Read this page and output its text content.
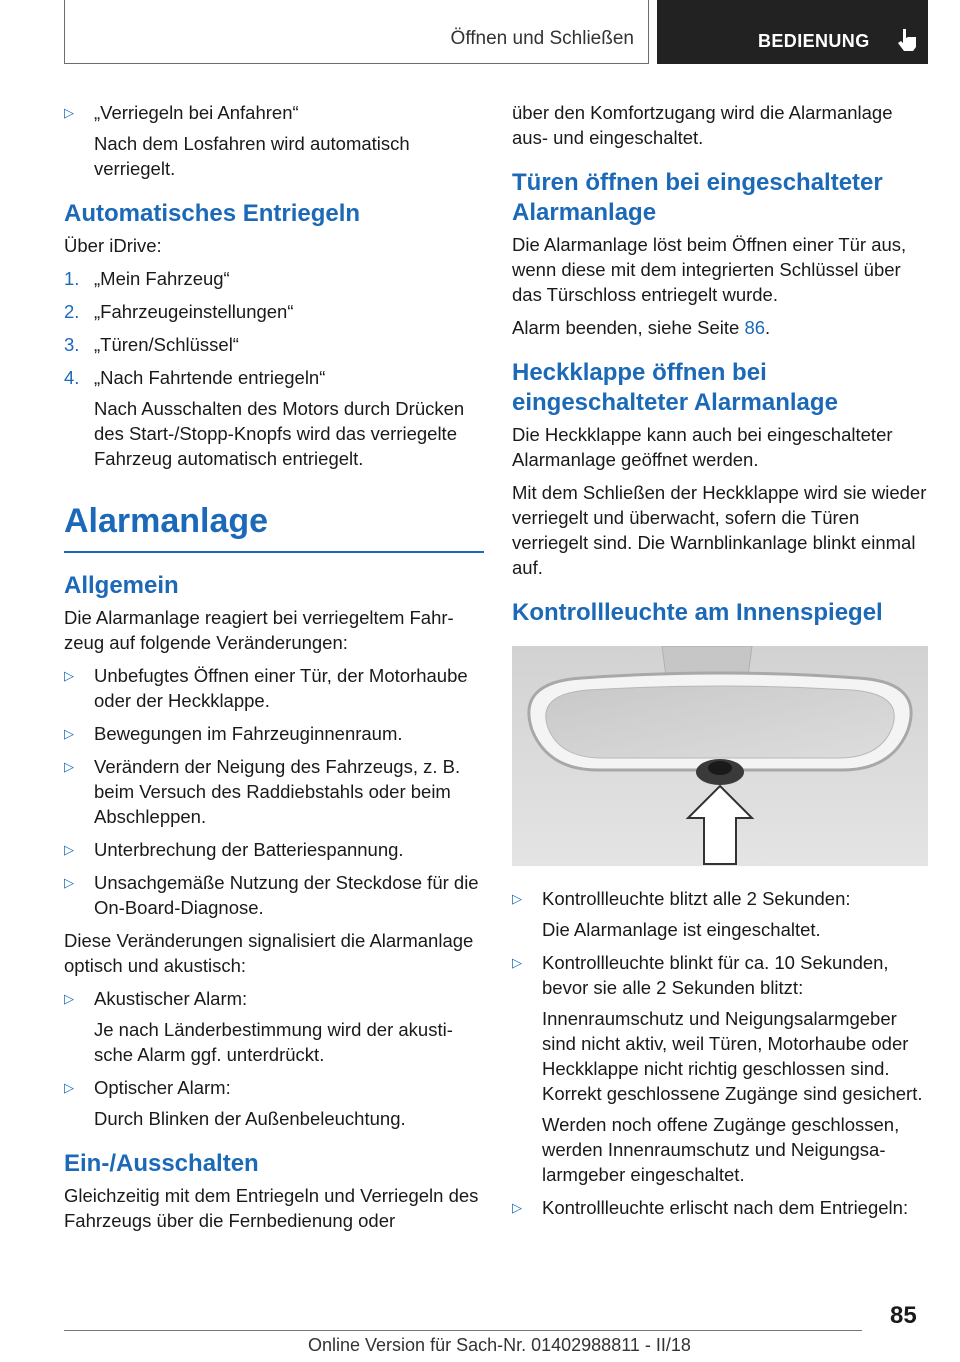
Öffnen und Schließen	BEDIENUNG
▷ „Verriegeln bei Anfahren“

Nach dem Losfahren wird automatisch verriegelt.

Automatisches Entriegeln

Über iDrive:

1. „Mein Fahrzeug“

2. „Fahrzeugeinstellungen“

3. „Türen/Schlüssel“

4. „Nach Fahrtende entriegeln“

Nach Ausschalten des Motors durch Drücken des Start-/Stopp-Knopfs wird das verriegelte Fahrzeug automatisch entriegelt.

Alarmanlage
Allgemein

Die Alarmanlage reagiert bei verriegeltem Fahrzeug auf folgende Veränderungen:

▷ Unbefugtes Öffnen einer Tür, der Motorhaube oder der Heckklappe.

▷ Bewegungen im Fahrzeuginnenraum.

▷ Verändern der Neigung des Fahrzeugs, z. B. beim Versuch des Raddiebstahls oder beim Abschleppen.

▷ Unterbrechung der Batteriespannung.

▷ Unsachgemäße Nutzung der Steckdose für die On-Board-Diagnose.

Diese Veränderungen signalisiert die Alarmanlage optisch und akustisch:

▷ Akustischer Alarm:

Je nach Länderbestimmung wird der akustische Alarm ggf. unterdrückt.

▷ Optischer Alarm:

Durch Blinken der Außenbeleuchtung.

Ein-/Ausschalten

Gleichzeitig mit dem Entriegeln und Verriegeln des Fahrzeugs über die Fernbedienung oder

über den Komfortzugang wird die Alarmanlage aus- und eingeschaltet.

Türen öffnen bei eingeschalteter Alarmanlage

Die Alarmanlage löst beim Öffnen einer Tür aus, wenn diese mit dem integrierten Schlüssel über das Türschloss entriegelt wurde.

Alarm beenden, siehe Seite 86.

Heckklappe öffnen bei eingeschalteter Alarmanlage

Die Heckklappe kann auch bei eingeschalteter Alarmanlage geöffnet werden.

Mit dem Schließen der Heckklappe wird sie wieder verriegelt und überwacht, sofern die Türen verriegelt sind. Die Warnblinkanlage blinkt einmal auf.

Kontrollleuchte am Innenspiegel
▷ Kontrollleuchte blitzt alle 2 Sekunden:

Die Alarmanlage ist eingeschaltet.

▷ Kontrollleuchte blinkt für ca. 10 Sekunden, bevor sie alle 2 Sekunden blitzt:

Innenraumschutz und Neigungsalarmgeber sind nicht aktiv, weil Türen, Motorhaube oder Heckklappe nicht richtig geschlossen sind. Korrekt geschlossene Zugänge sind gesichert.

Werden noch offene Zugänge geschlossen, werden Innenraumschutz und Neigungsalarmgeber eingeschaltet.

▷ Kontrollleuchte erlischt nach dem Entriegeln:

85
Online Version für Sach-Nr. 01402988811 - II/18
